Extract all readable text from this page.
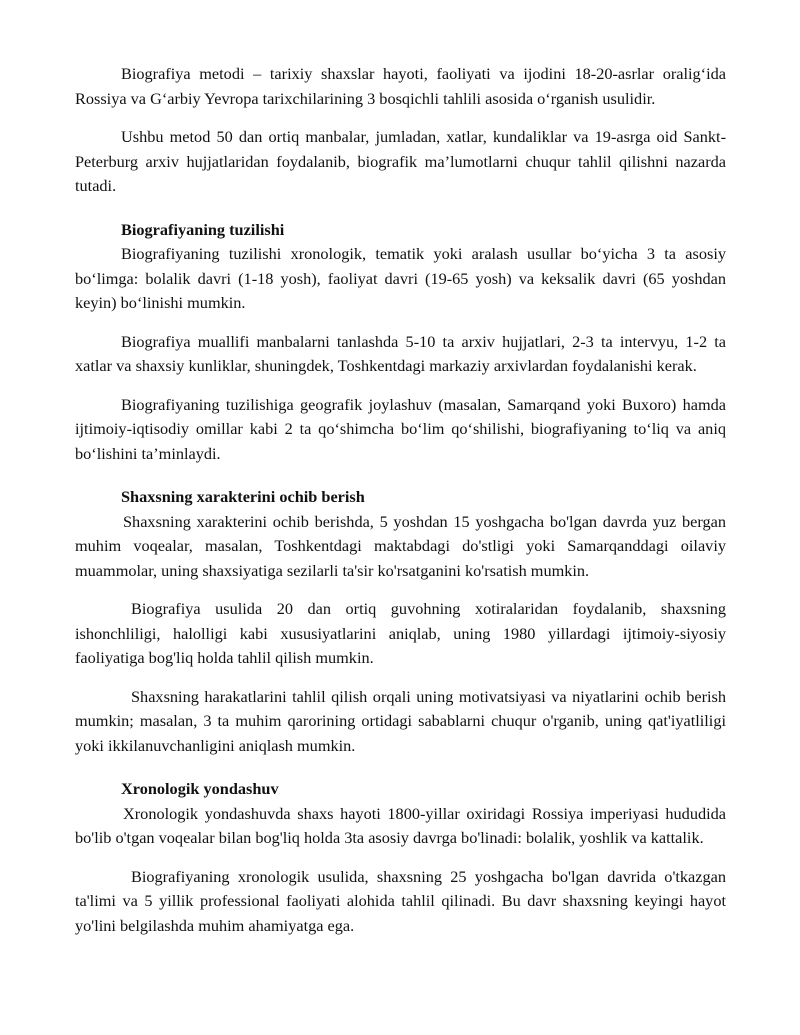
Biografiya metodi – tarixiy shaxslar hayoti, faoliyati va ijodini 18-20-asrlar oralig‘ida Rossiya va G‘arbiy Yevropa tarixchilarining 3 bosqichli tahlili asosida o‘rganish usulidir.

Ushbu metod 50 dan ortiq manbalar, jumladan, xatlar, kundaliklar va 19-asrga oid Sankt-Peterburg arxiv hujjatlaridan foydalanib, biografik ma’lumotlarni chuqur tahlil qilishni nazarda tutadi.

Biografiyaning tuzilishi

Biografiyaning tuzilishi xronologik, tematik yoki aralash usullar bo‘yicha 3 ta asosiy bo‘limga: bolalik davri (1-18 yosh), faoliyat davri (19-65 yosh) va keksalik davri (65 yoshdan keyin) bo‘linishi mumkin.

Biografiya muallifi manbalarni tanlashda 5-10 ta arxiv hujjatlari, 2-3 ta intervyu, 1-2 ta xatlar va shaxsiy kunliklar, shuningdek, Toshkentdagi markaziy arxivlardan foydalanishi kerak.

Biografiyaning tuzilishiga geografik joylashuv (masalan, Samarqand yoki Buxoro) hamda ijtimoiy-iqtisodiy omillar kabi 2 ta qo‘shimcha bo‘lim qo‘shilishi, biografiyaning to‘liq va aniq bo‘lishini ta’minlaydi.

Shaxsning xarakterini ochib berish

Shaxsning xarakterini ochib berishda, 5 yoshdan 15 yoshgacha bo'lgan davrda yuz bergan muhim voqealar, masalan, Toshkentdagi maktabdagi do'stligi yoki Samarqanddagi oilaviy muammolar, uning shaxsiyatiga sezilarli ta'sir ko'rsatganini ko'rsatish mumkin.

Biografiya usulida 20 dan ortiq guvohning xotiralaridan foydalanib, shaxsning ishonchliligi, halolligi kabi xususiyatlarini aniqlab, uning 1980 yillardagi ijtimoiy-siyosiy faoliyatiga bog'liq holda tahlil qilish mumkin.

Shaxsning harakatlarini tahlil qilish orqali uning motivatsiyasi va niyatlarini ochib berish mumkin; masalan, 3 ta muhim qarorining ortidagi sabablarni chuqur o'rganib, uning qat'iyatliligi yoki ikkilanuvchanligini aniqlash mumkin.

Xronologik yondashuv

Xronologik yondashuvda shaxs hayoti 1800-yillar oxiridagi Rossiya imperiyasi hududida bo'lib o'tgan voqealar bilan bog'liq holda 3ta asosiy davrga bo'linadi: bolalik, yoshlik va kattalik.

Biografiyaning xronologik usulida, shaxsning 25 yoshgacha bo'lgan davrida o'tkazgan ta'limi va 5 yillik professional faoliyati alohida tahlil qilinadi. Bu davr shaxsning keyingi hayot yo'lini belgilashda muhim ahamiyatga ega.
